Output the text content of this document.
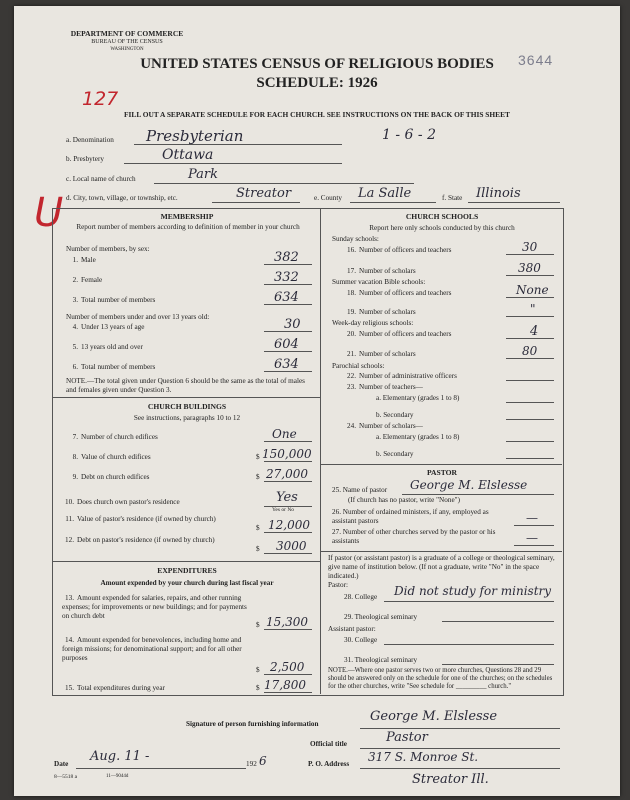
DEPARTMENT OF COMMERCE
BUREAU OF THE CENSUS
WASHINGTON
3644
UNITED STATES CENSUS OF RELIGIOUS BODIES
SCHEDULE: 1926
127
FILL OUT A SEPARATE SCHEDULE FOR EACH CHURCH. SEE INSTRUCTIONS ON THE BACK OF THIS SHEET
U
a. Denomination Presbyterian	1 - 6 - 2
b. Presbytery	Ottawa
c. Local name of church	Park
d. City, town, village, or township, etc.	Streator	e. County La Salle	f. State Illinois
MEMBERSHIP
Report number of members according to definition of member in your church
Number of members, by sex:
1. Male	382
2. Female	332
3. Total number of members	634
Number of members under and over 13 years old:
4. Under 13 years of age	30
5. 13 years old and over	604
6. Total number of members	634
NOTE.—The total given under Question 6 should be the same as the total of males and females given under Question 3.
CHURCH BUILDINGS
See instructions, paragraphs 10 to 12
7. Number of church edifices	One
8. Value of church edifices	$ 150,000
9. Debt on church edifices	$ 27,000
10. Does church own pastor's residence	Yes
Yes or No
11. Value of pastor's residence (if owned by church)
$ 12,000
12. Debt on pastor's residence (if owned by church)
$ 3000
EXPENDITURES
Amount expended by your church during last fiscal year
13. Amount expended for salaries, repairs, and other running expenses; for improvements or new buildings; and for payments on church debt
$ 15,300
14. Amount expended for benevolences, including home and foreign missions; for denominational support; and for all other purposes
$ 2,500
15. Total expenditures during year	$ 17,800
CHURCH SCHOOLS
Report here only schools conducted by this church
Sunday schools:
16. Number of officers and teachers	30
17. Number of scholars	380
Summer vacation Bible schools:
18. Number of officers and teachers	None
19. Number of scholars	"
Week-day religious schools:
20. Number of officers and teachers	4
21. Number of scholars	80
Parochial schools:
22. Number of administrative officers
23. Number of teachers—
a. Elementary (grades 1 to 8)
b. Secondary
24. Number of scholars—
a. Elementary (grades 1 to 8)
b. Secondary
PASTOR
25. Name of pastor George M. Elslesse
(If church has no pastor, write "None")
26. Number of ordained ministers, if any, employed as assistant pastors	—
27. Number of other churches served by the pastor or his assistants	—
If pastor (or assistant pastor) is a graduate of a college or theological seminary, give name of institution below. (If not a graduate, write "No" in the space indicated.)
Pastor:
28. College Did not study for ministry
29. Theological seminary
Assistant pastor:
30. College
31. Theological seminary
NOTE.—Where one pastor serves two or more churches, Questions 28 and 29 should be answered only on the schedule for one of the churches; on the schedules for the other churches, write "See schedule for _________ church."
Signature of person furnishing information	George M. Elslesse
Official title	Pastor
Date Aug. 11 -	192 6	P. O. Address 317 S. Monroe St.
Streator Ill.
8—5518 a	11—9044d
